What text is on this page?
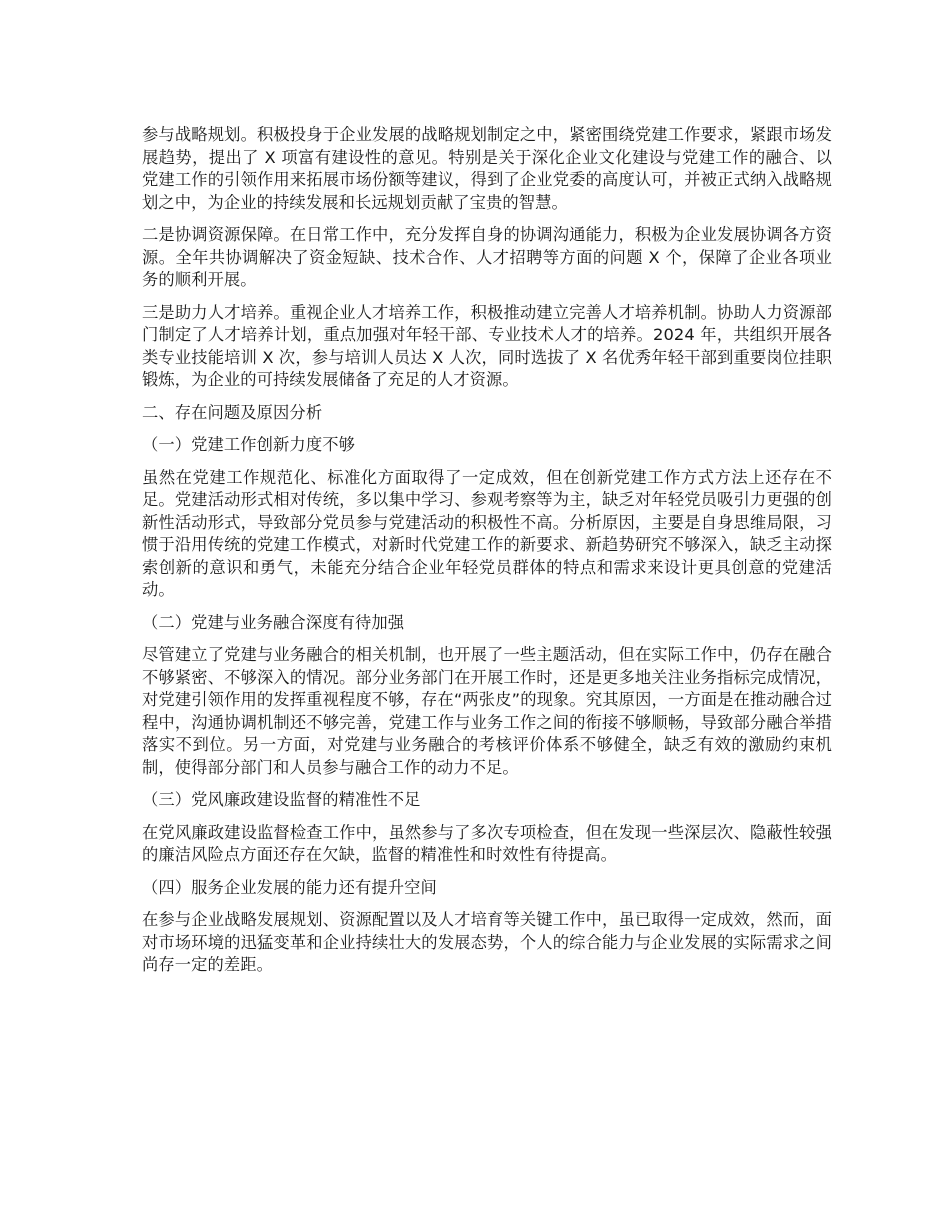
参与战略规划。积极投身于企业发展的战略规划制定之中，紧密围绕党建工作要求，紧跟市场发展趋势，提出了 X 项富有建设性的意见。特别是关于深化企业文化建设与党建工作的融合、以党建工作的引领作用来拓展市场份额等建议，得到了企业党委的高度认可，并被正式纳入战略规划之中，为企业的持续发展和长远规划贡献了宝贵的智慧。

二是协调资源保障。在日常工作中，充分发挥自身的协调沟通能力，积极为企业发展协调各方资源。全年共协调解决了资金短缺、技术合作、人才招聘等方面的问题 X 个，保障了企业各项业务的顺利开展。

三是助力人才培养。重视企业人才培养工作，积极推动建立完善人才培养机制。协助人力资源部门制定了人才培养计划，重点加强对年轻干部、专业技术人才的培养。2024 年，共组织开展各类专业技能培训 X 次，参与培训人员达 X 人次，同时选拔了 X 名优秀年轻干部到重要岗位挂职锻炼，为企业的可持续发展储备了充足的人才资源。

二、存在问题及原因分析

（一）党建工作创新力度不够

虽然在党建工作规范化、标准化方面取得了一定成效，但在创新党建工作方式方法上还存在不足。党建活动形式相对传统，多以集中学习、参观考察等为主，缺乏对年轻党员吸引力更强的创新性活动形式，导致部分党员参与党建活动的积极性不高。分析原因，主要是自身思维局限，习惯于沿用传统的党建工作模式，对新时代党建工作的新要求、新趋势研究不够深入，缺乏主动探索创新的意识和勇气，未能充分结合企业年轻党员群体的特点和需求来设计更具创意的党建活动。

（二）党建与业务融合深度有待加强

尽管建立了党建与业务融合的相关机制，也开展了一些主题活动，但在实际工作中，仍存在融合不够紧密、不够深入的情况。部分业务部门在开展工作时，还是更多地关注业务指标完成情况，对党建引领作用的发挥重视程度不够，存在“两张皮”的现象。究其原因，一方面是在推动融合过程中，沟通协调机制还不够完善，党建工作与业务工作之间的衔接不够顺畅，导致部分融合举措落实不到位。另一方面，对党建与业务融合的考核评价体系不够健全，缺乏有效的激励约束机制，使得部分部门和人员参与融合工作的动力不足。

（三）党风廉政建设监督的精准性不足

在党风廉政建设监督检查工作中，虽然参与了多次专项检查，但在发现一些深层次、隐蔽性较强的廉洁风险点方面还存在欠缺，监督的精准性和时效性有待提高。

（四）服务企业发展的能力还有提升空间

在参与企业战略发展规划、资源配置以及人才培育等关键工作中，虽已取得一定成效，然而，面对市场环境的迅猛变革和企业持续壮大的发展态势，个人的综合能力与企业发展的实际需求之间尚存一定的差距。
